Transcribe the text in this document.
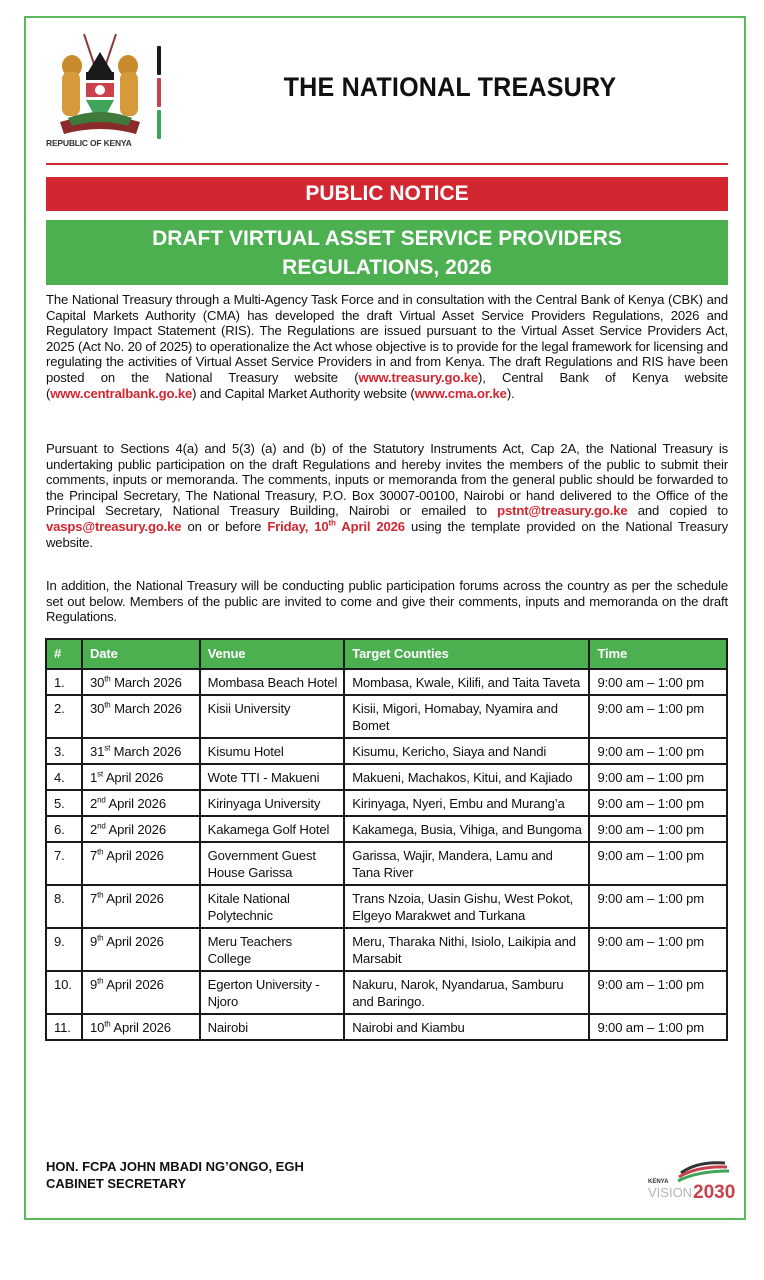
REPUBLIC OF KENYA
THE NATIONAL TREASURY
PUBLIC NOTICE
DRAFT VIRTUAL ASSET SERVICE PROVIDERS
REGULATIONS, 2026
The National Treasury through a Multi-Agency Task Force and in consultation with the Central Bank of Kenya (CBK) and Capital Markets Authority (CMA) has developed the draft Virtual Asset Service Providers Regulations, 2026 and Regulatory Impact Statement (RIS). The Regulations are issued pursuant to the Virtual Asset Service Providers Act, 2025 (Act No. 20 of 2025) to operationalize the Act whose objective is to provide for the legal framework for licensing and regulating the activities of Virtual Asset Service Providers in and from Kenya. The draft Regulations and RIS have been posted on the National Treasury website (www.treasury.go.ke), Central Bank of Kenya website (www.centralbank.go.ke) and Capital Market Authority website (www.cma.or.ke).
Pursuant to Sections 4(a) and 5(3) (a) and (b) of the Statutory Instruments Act, Cap 2A, the National Treasury is undertaking public participation on the draft Regulations and hereby invites the members of the public to submit their comments, inputs or memoranda. The comments, inputs or memoranda from the general public should be forwarded to the Principal Secretary, The National Treasury, P.O. Box 30007-00100, Nairobi or hand delivered to the Office of the Principal Secretary, National Treasury Building, Nairobi or emailed to pstnt@treasury.go.ke and copied to vasps@treasury.go.ke on or before Friday, 10th April 2026 using the template provided on the National Treasury website.
In addition, the National Treasury will be conducting public participation forums across the country as per the schedule set out below. Members of the public are invited to come and give their comments, inputs and memoranda on the draft Regulations.
#	Date	Venue	Target Counties	Time
1.	30th March 2026	Mombasa Beach Hotel	Mombasa, Kwale, Kilifi, and Taita Taveta	9:00 am – 1:00 pm
2.	30th March 2026	Kisii University	Kisii, Migori, Homabay, Nyamira and Bomet	9:00 am – 1:00 pm
3.	31st March 2026	Kisumu Hotel	Kisumu, Kericho, Siaya and Nandi	9:00 am – 1:00 pm
4.	1st April 2026	Wote TTI - Makueni	Makueni, Machakos, Kitui, and Kajiado	9:00 am – 1:00 pm
5.	2nd April 2026	Kirinyaga University	Kirinyaga, Nyeri, Embu and Murang’a	9:00 am – 1:00 pm
6.	2nd April 2026	Kakamega Golf Hotel	Kakamega, Busia, Vihiga, and Bungoma	9:00 am – 1:00 pm
7.	7th April 2026	Government Guest House Garissa	Garissa, Wajir, Mandera, Lamu and Tana River	9:00 am – 1:00 pm
8.	7th April 2026	Kitale National Polytechnic	Trans Nzoia, Uasin Gishu, West Pokot, Elgeyo Marakwet and Turkana	9:00 am – 1:00 pm
9.	9th April 2026	Meru Teachers College	Meru, Tharaka Nithi, Isiolo, Laikipia and Marsabit	9:00 am – 1:00 pm
10.	9th April 2026	Egerton University - Njoro	Nakuru, Narok, Nyandarua, Samburu and Baringo.	9:00 am – 1:00 pm
11.	10th April 2026	Nairobi	Nairobi and Kiambu	9:00 am – 1:00 pm
HON. FCPA JOHN MBADI NG’ONGO, EGH
CABINET SECRETARY	KENYA
VISION 2030
